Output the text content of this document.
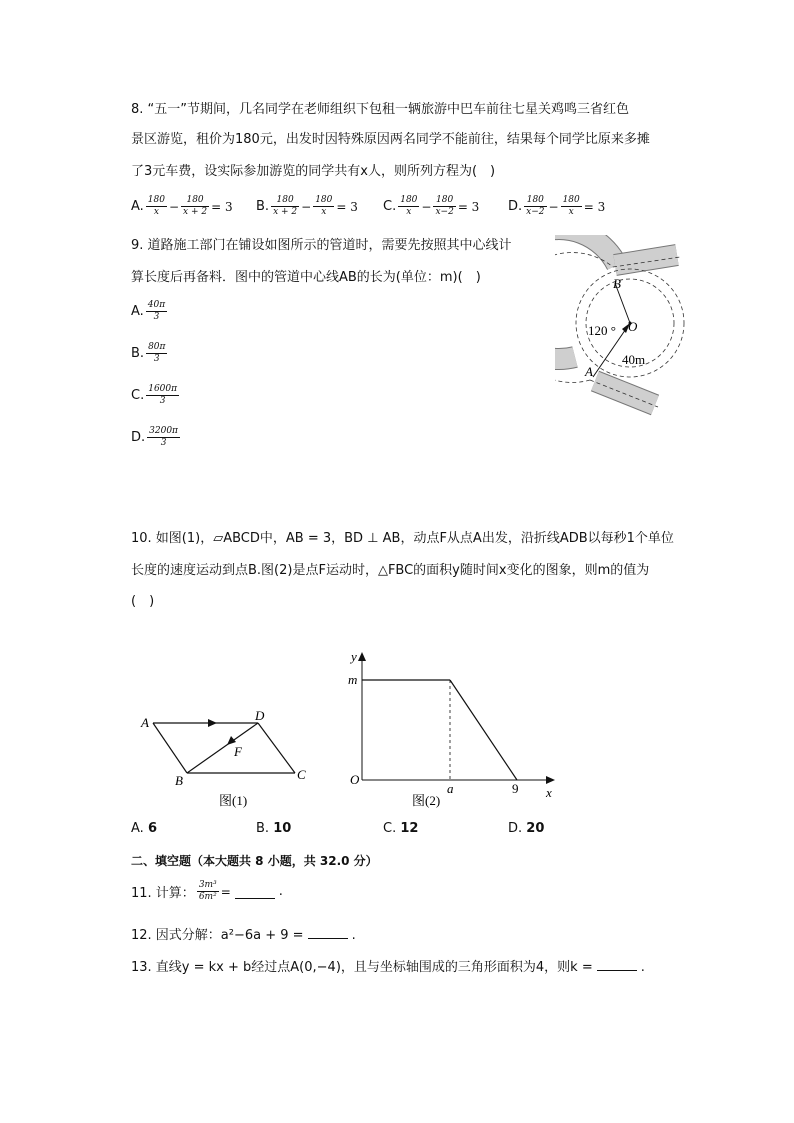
8. “五一”节期间，几名同学在老师组织下包租一辆旅游中巴车前往七星关鸡鸣三省红色
景区游览，租价为180元，出发时因特殊原因两名同学不能前往，结果每个同学比原来多摊
了3元车费，设实际参加游览的同学共有x人，则所列方程为(　)
A. $\frac{180}{x} - \frac{180}{x + 2} = 3$ B. $\frac{180}{x + 2} - \frac{180}{x} = 3$ C. $\frac{180}{x} - \frac{180}{x-2} = 3$ D. $\frac{180}{x-2} - \frac{180}{x} = 3$
9. 道路施工部门在铺设如图所示的管道时，需要先按照其中心线计
算长度后再备料．图中的管道中心线AB的长为(单位：m)(　)
A. $\frac{40\pi}{3}$
B. $\frac{80\pi}{3}$
C. $\frac{1600\pi}{3}$
D. $\frac{3200\pi}{3}$
B
A
O
120 °
40m
10. 如图(1)，▱ABCD中，AB = 3，BD ⊥ AB，动点F从点A出发，沿折线ADB以每秒1个单位
长度的速度运动到点B.图(2)是点F运动时，△FBC的面积y随时间x变化的图象，则m的值为
(　)
A	D
B	C
F
图(1)
y
m
O
a	9 x
图(2)
A. 6	B. 10	C. 12	D. 20
二、填空题（本大题共 8 小题，共 32.0 分）
11. 计算： $\frac{\text{3m³}}{\text{6m²}}$ =	.
12. 因式分解：a²−6a + 9 =	.
13. 直线y = kx + b经过点A(0,−4)，且与坐标轴围成的三角形面积为4，则k =	.
